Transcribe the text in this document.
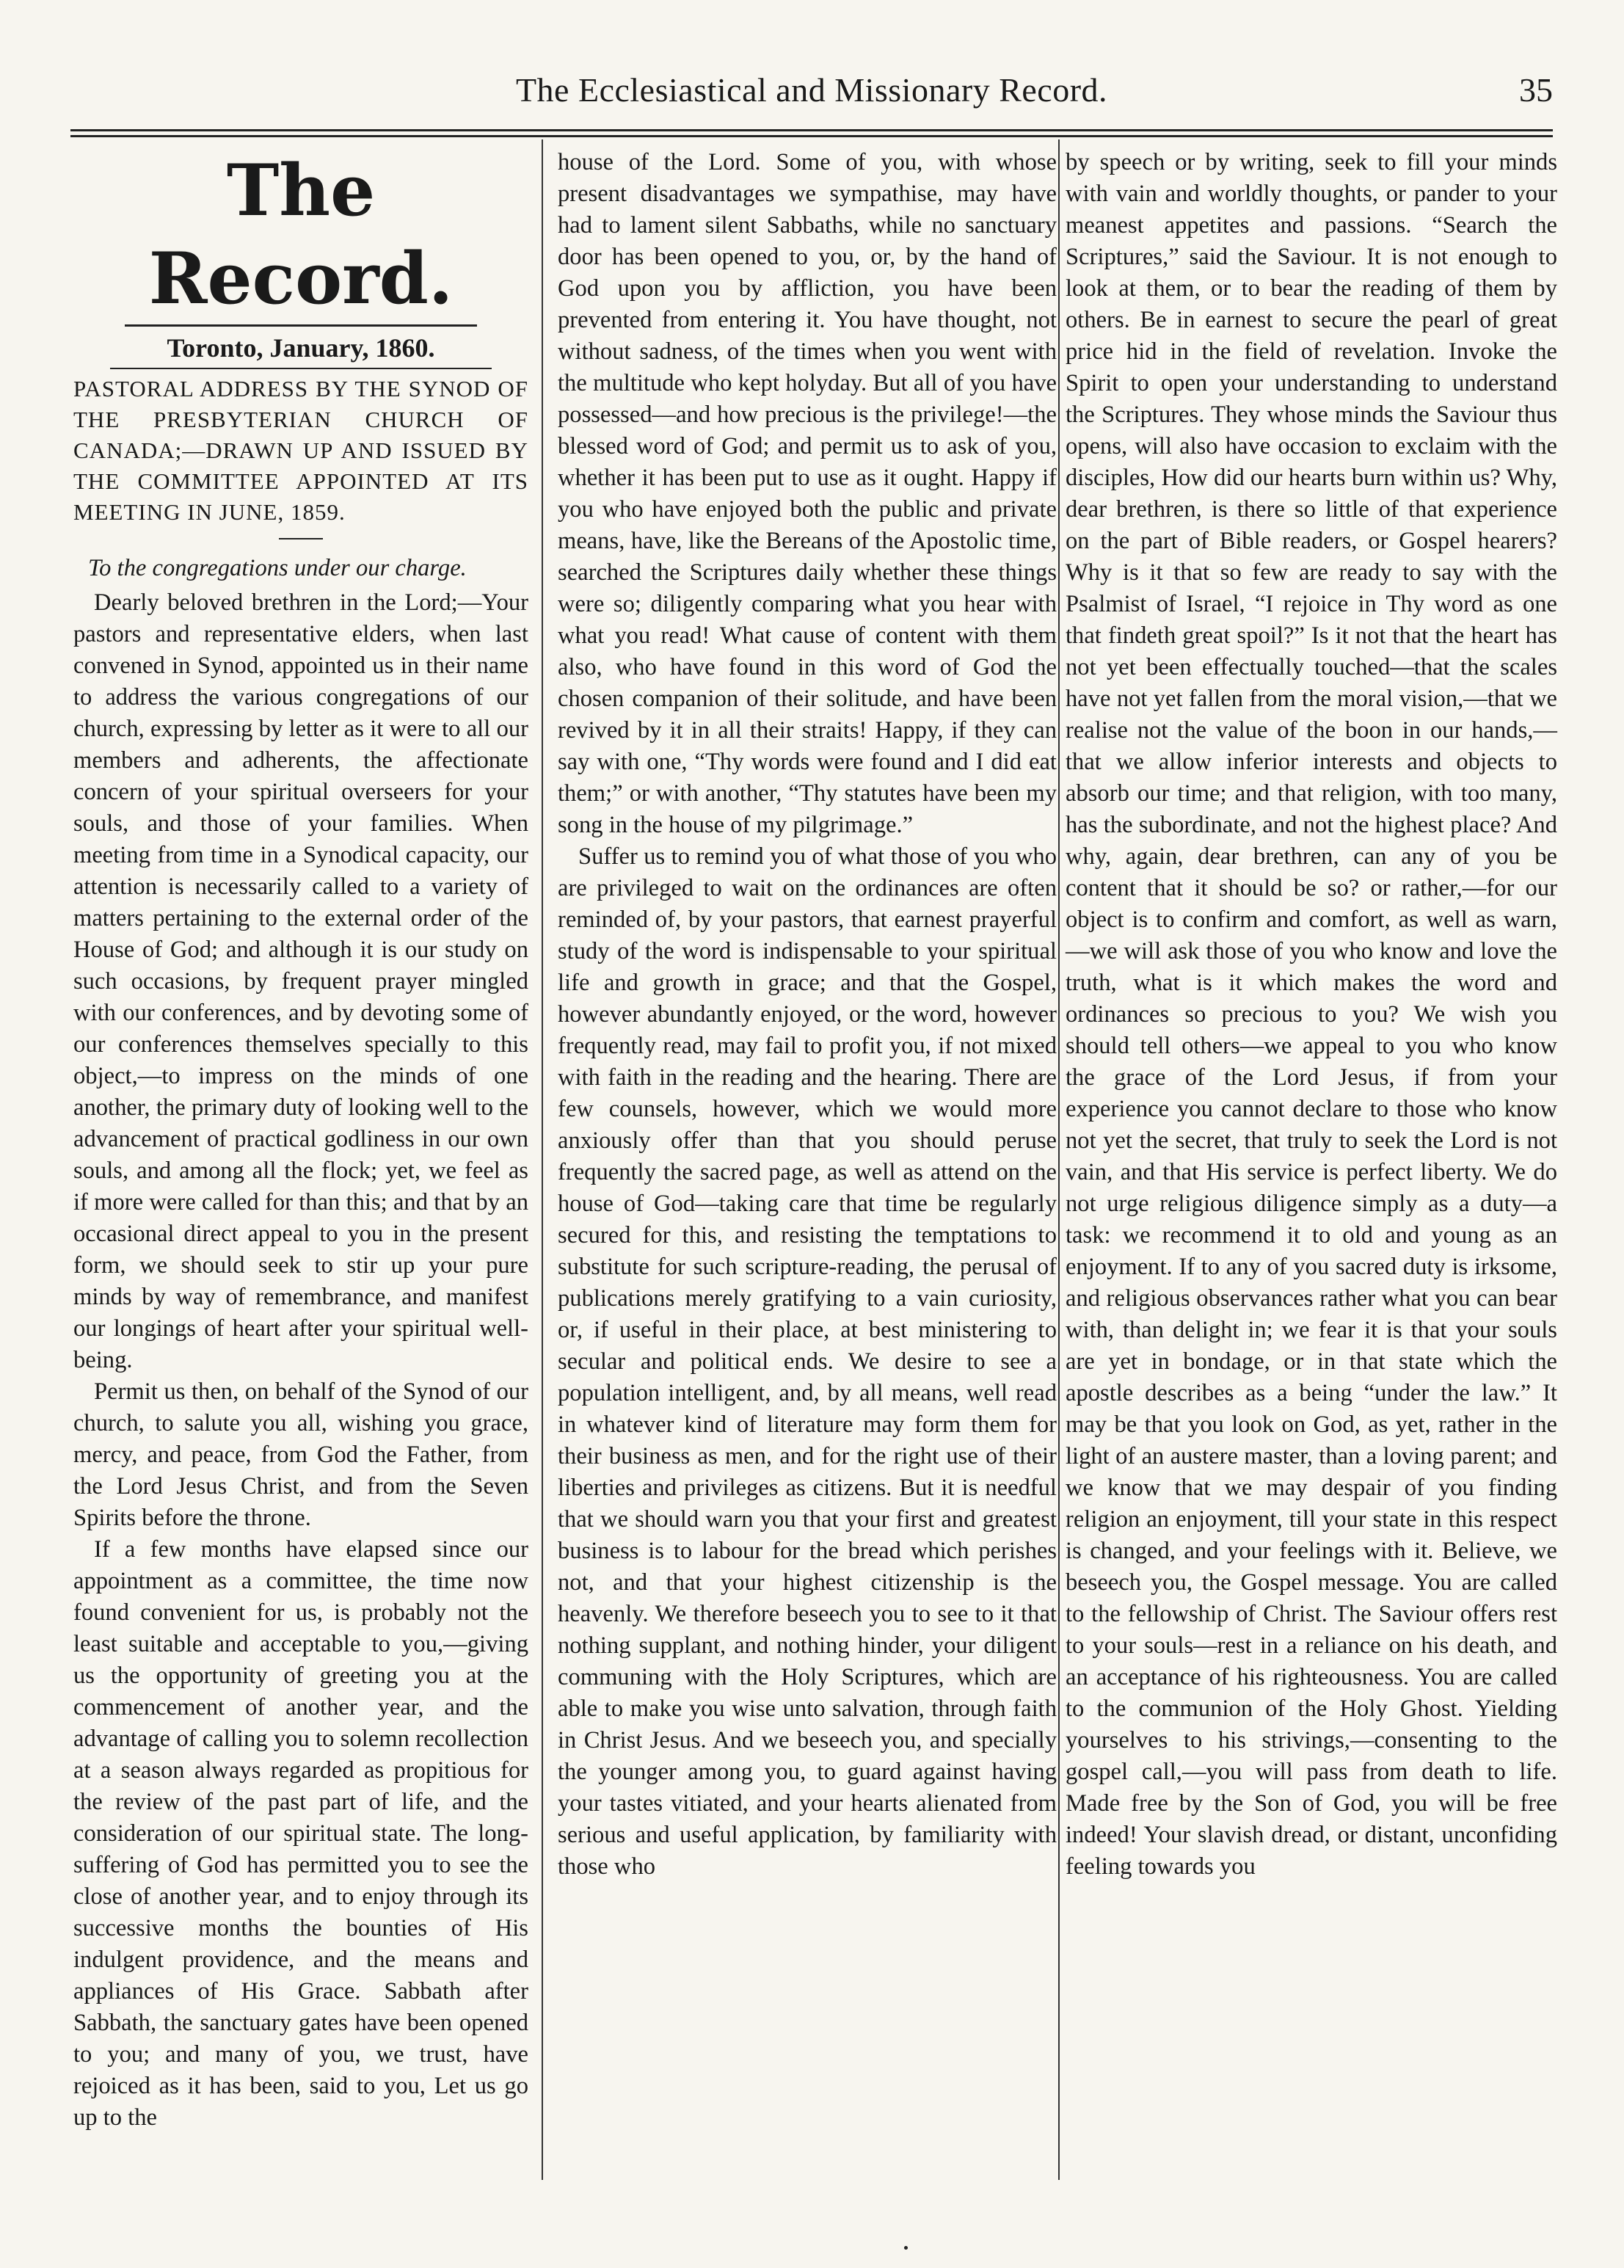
The Ecclesiastical and Missionary Record.	35
The Record.
Toronto, January, 1860.

PASTORAL ADDRESS BY THE SYNOD OF THE PRESBYTERIAN CHURCH OF CANADA;—DRAWN UP AND ISSUED BY THE COMMITTEE APPOINTED AT ITS MEETING IN JUNE, 1859.

To the congregations under our charge.

Dearly beloved brethren in the Lord;—Your pastors and representative elders, when last convened in Synod, appointed us in their name to address the various congregations of our church, expressing by letter as it were to all our members and adherents, the affectionate concern of your spiritual overseers for your souls, and those of your families. When meeting from time in a Synodical capacity, our attention is necessarily called to a variety of matters pertaining to the external order of the House of God; and although it is our study on such occasions, by frequent prayer mingled with our conferences, and by devoting some of our conferences themselves specially to this object,—to impress on the minds of one another, the primary duty of looking well to the advancement of practical godliness in our own souls, and among all the flock; yet, we feel as if more were called for than this; and that by an occasional direct appeal to you in the present form, we should seek to stir up your pure minds by way of remembrance, and manifest our longings of heart after your spiritual well-being.

Permit us then, on behalf of the Synod of our church, to salute you all, wishing you grace, mercy, and peace, from God the Father, from the Lord Jesus Christ, and from the Seven Spirits before the throne.

If a few months have elapsed since our appointment as a committee, the time now found convenient for us, is probably not the least suitable and acceptable to you,—giving us the opportunity of greeting you at the commencement of another year, and the advantage of calling you to solemn recollection at a season always regarded as propitious for the review of the past part of life, and the consideration of our spiritual state. The long-suffering of God has permitted you to see the close of another year, and to enjoy through its successive months the bounties of His indulgent providence, and the means and appliances of His Grace. Sabbath after Sabbath, the sanctuary gates have been opened to you; and many of you, we trust, have rejoiced as it has been, said to you, Let us go up to the

house of the Lord. Some of you, with whose present disadvantages we sympathise, may have had to lament silent Sabbaths, while no sanctuary door has been opened to you, or, by the hand of God upon you by affliction, you have been prevented from entering it. You have thought, not without sadness, of the times when you went with the multitude who kept holyday. But all of you have possessed—and how precious is the privilege!—the blessed word of God; and permit us to ask of you, whether it has been put to use as it ought. Happy if you who have enjoyed both the public and private means, have, like the Bereans of the Apostolic time, searched the Scriptures daily whether these things were so; diligently comparing what you hear with what you read! What cause of content with them also, who have found in this word of God the chosen companion of their solitude, and have been revived by it in all their straits! Happy, if they can say with one, “Thy words were found and I did eat them;” or with another, “Thy statutes have been my song in the house of my pilgrimage.”

Suffer us to remind you of what those of you who are privileged to wait on the ordinances are often reminded of, by your pastors, that earnest prayerful study of the word is indispensable to your spiritual life and growth in grace; and that the Gospel, however abundantly enjoyed, or the word, however frequently read, may fail to profit you, if not mixed with faith in the reading and the hearing. There are few counsels, however, which we would more anxiously offer than that you should peruse frequently the sacred page, as well as attend on the house of God—taking care that time be regularly secured for this, and resisting the temptations to substitute for such scripture-reading, the perusal of publications merely gratifying to a vain curiosity, or, if useful in their place, at best ministering to secular and political ends. We desire to see a population intelligent, and, by all means, well read in whatever kind of literature may form them for their business as men, and for the right use of their liberties and privileges as citizens. But it is needful that we should warn you that your first and greatest business is to labour for the bread which perishes not, and that your highest citizenship is the heavenly. We therefore beseech you to see to it that nothing supplant, and nothing hinder, your diligent communing with the Holy Scriptures, which are able to make you wise unto salvation, through faith in Christ Jesus. And we beseech you, and specially the younger among you, to guard against having your tastes vitiated, and your hearts alienated from serious and useful application, by familiarity with those who

by speech or by writing, seek to fill your minds with vain and worldly thoughts, or pander to your meanest appetites and passions. “Search the Scriptures,” said the Saviour. It is not enough to look at them, or to bear the reading of them by others. Be in earnest to secure the pearl of great price hid in the field of revelation. Invoke the Spirit to open your understanding to understand the Scriptures. They whose minds the Saviour thus opens, will also have occasion to exclaim with the disciples, How did our hearts burn within us? Why, dear brethren, is there so little of that experience on the part of Bible readers, or Gospel hearers? Why is it that so few are ready to say with the Psalmist of Israel, “I rejoice in Thy word as one that findeth great spoil?” Is it not that the heart has not yet been effectually touched—that the scales have not yet fallen from the moral vision,—that we realise not the value of the boon in our hands,—that we allow inferior interests and objects to absorb our time; and that religion, with too many, has the subordinate, and not the highest place? And why, again, dear brethren, can any of you be content that it should be so? or rather,—for our object is to confirm and comfort, as well as warn,—we will ask those of you who know and love the truth, what is it which makes the word and ordinances so precious to you? We wish you should tell others—we appeal to you who know the grace of the Lord Jesus, if from your experience you cannot declare to those who know not yet the secret, that truly to seek the Lord is not vain, and that His service is perfect liberty. We do not urge religious diligence simply as a duty—a task: we recommend it to old and young as an enjoyment. If to any of you sacred duty is irksome, and religious observances rather what you can bear with, than delight in; we fear it is that your souls are yet in bondage, or in that state which the apostle describes as a being “under the law.” It may be that you look on God, as yet, rather in the light of an austere master, than a loving parent; and we know that we may despair of you finding religion an enjoyment, till your state in this respect is changed, and your feelings with it. Believe, we beseech you, the Gospel message. You are called to the fellowship of Christ. The Saviour offers rest to your souls—rest in a reliance on his death, and an acceptance of his righteousness. You are called to the communion of the Holy Ghost. Yielding yourselves to his strivings,—consenting to the gospel call,—you will pass from death to life. Made free by the Son of God, you will be free indeed! Your slavish dread, or distant, unconfiding feeling towards you
